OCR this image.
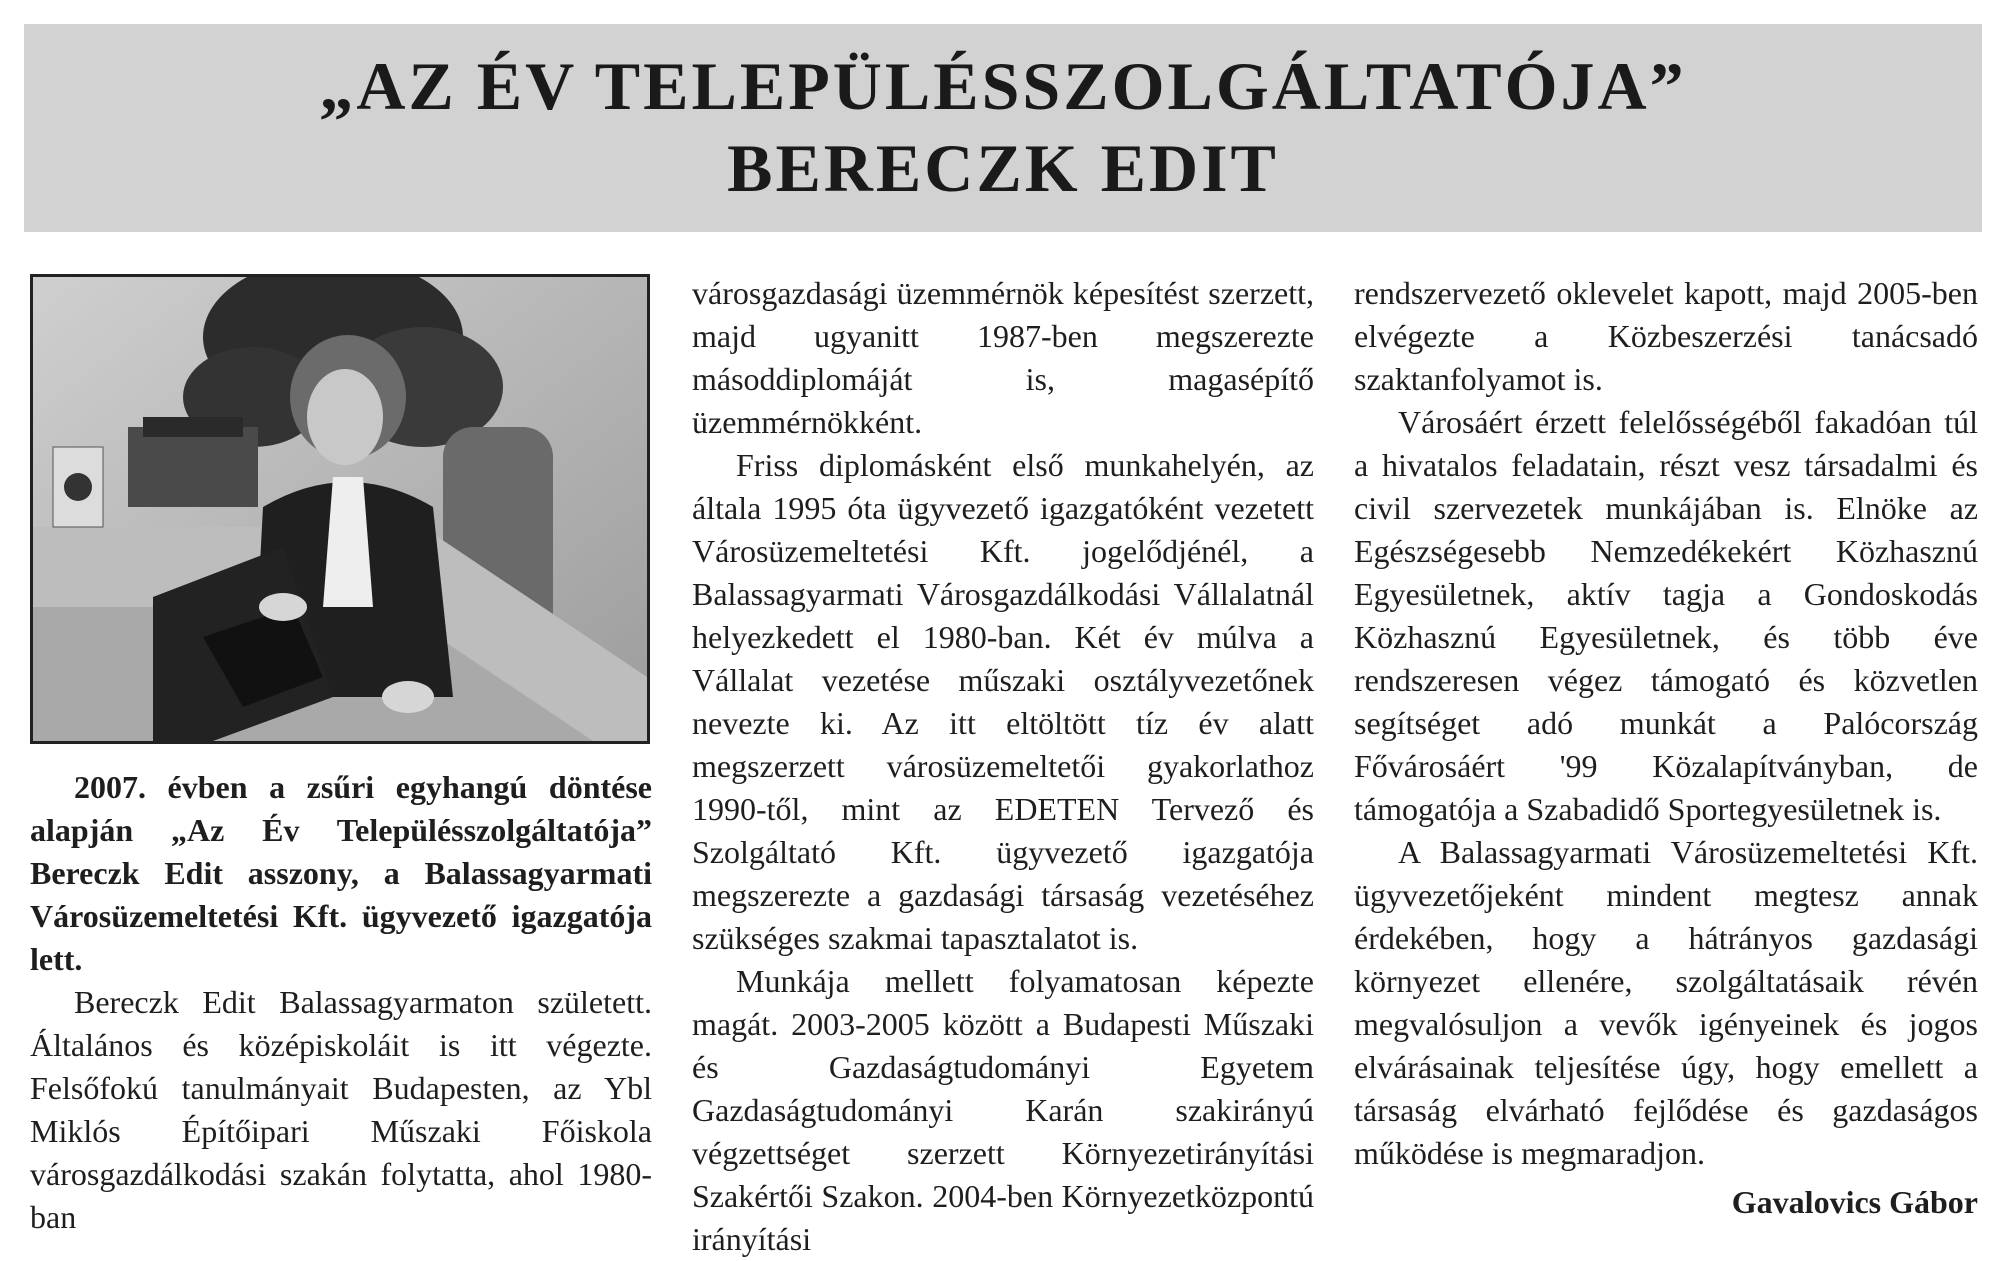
„AZ ÉV TELEPÜLÉSSZOLGÁLTATÓJA”
BERECZK EDIT

2007. évben a zsűri egyhangú döntése alapján „Az Év Településszolgáltatója” Bereczk Edit asszony, a Balassagyarmati Városüzemeltetési Kft. ügyvezető igazgatója lett.

Bereczk Edit Balassagyarmaton született. Általános és középiskoláit is itt végezte. Felsőfokú tanulmányait Budapesten, az Ybl Miklós Építőipari Műszaki Főiskola városgazdálkodási szakán folytatta, ahol 1980-ban

városgazdasági üzemmérnök képesítést szerzett, majd ugyanitt 1987-ben megszerezte másoddiplomáját is, magasépítő üzemmérnökként.

Friss diplomásként első munkahelyén, az általa 1995 óta ügyvezető igazgatóként vezetett Városüzemeltetési Kft. jogelődjénél, a Balassagyarmati Városgazdálkodási Vállalatnál helyezkedett el 1980-ban. Két év múlva a Vállalat vezetése műszaki osztályvezetőnek nevezte ki. Az itt eltöltött tíz év alatt megszerzett városüzemeltetői gyakorlathoz 1990-től, mint az EDETEN Tervező és Szolgáltató Kft. ügyvezető igazgatója megszerezte a gazdasági társaság vezetéséhez szükséges szakmai tapasztalatot is.

Munkája mellett folyamatosan képezte magát. 2003-2005 között a Budapesti Műszaki és Gazdaságtudományi Egyetem Gazdaságtudományi Karán szakirányú végzettséget szerzett Környezetirányítási Szakértői Szakon. 2004-ben Környezetközpontú irányítási

rendszervezető oklevelet kapott, majd 2005-ben elvégezte a Közbeszerzési tanácsadó szaktanfolyamot is.

Városáért érzett felelősségéből fakadóan túl a hivatalos feladatain, részt vesz társadalmi és civil szervezetek munkájában is. Elnöke az Egészségesebb Nemzedékekért Közhasznú Egyesületnek, aktív tagja a Gondoskodás Közhasznú Egyesületnek, és több éve rendszeresen végez támogató és közvetlen segítséget adó munkát a Palócország Fővárosáért '99 Közalapítványban, de támogatója a Szabadidő Sportegyesületnek is.

A Balassagyarmati Városüzemeltetési Kft. ügyvezetőjeként mindent megtesz annak érdekében, hogy a hátrányos gazdasági környezet ellenére, szolgáltatásaik révén megvalósuljon a vevők igényeinek és jogos elvárásainak teljesítése úgy, hogy emellett a társaság elvárható fejlődése és gazdaságos működése is megmaradjon.

Gavalovics Gábor
